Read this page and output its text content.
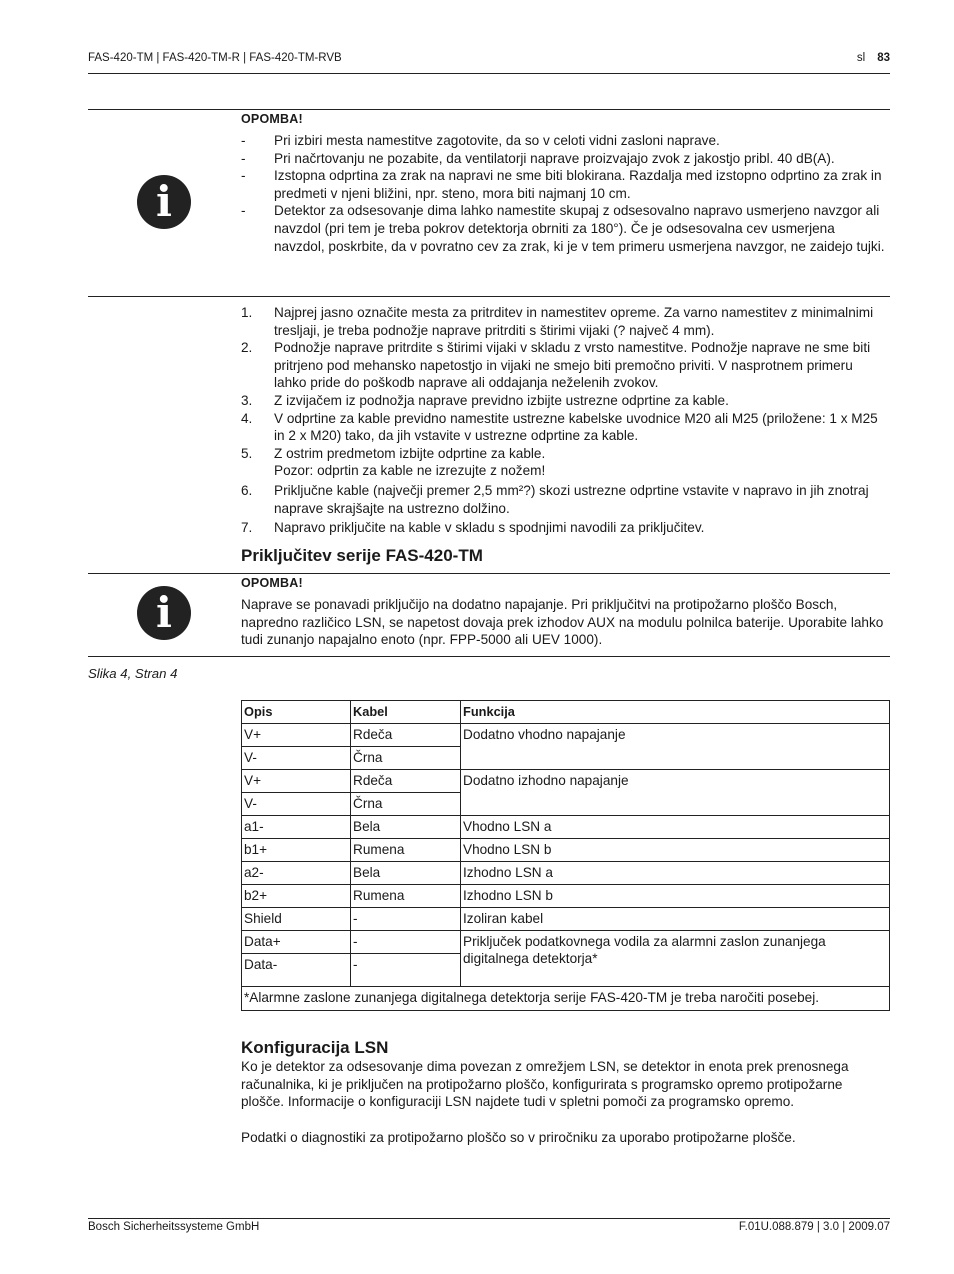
FAS-420-TM | FAS-420-TM-R | FAS-420-TM-RVB	sl 83
i
OPOMBA!
- Pri izbiri mesta namestitve zagotovite, da so v celoti vidni zasloni naprave.
- Pri načrtovanju ne pozabite, da ventilatorji naprave proizvajajo zvok z jakostjo pribl. 40 dB(A).
- Izstopna odprtina za zrak na napravi ne sme biti blokirana. Razdalja med izstopno odprtino za zrak in predmeti v njeni bližini, npr. steno, mora biti najmanj 10 cm.
- Detektor za odsesovanje dima lahko namestite skupaj z odsesovalno napravo usmerjeno navzgor ali navzdol (pri tem je treba pokrov detektorja obrniti za 180°). Če je odsesovalna cev usmerjena navzdol, poskrbite, da v povratno cev za zrak, ki je v tem primeru usmerjena navzgor, ne zaidejo tujki.
1. Najprej jasno označite mesta za pritrditev in namestitev opreme. Za varno namestitev z minimalnimi tresljaji, je treba podnožje naprave pritrditi s štirimi vijaki (? največ 4 mm).
2. Podnožje naprave pritrdite s štirimi vijaki v skladu z vrsto namestitve. Podnožje naprave ne sme biti pritrjeno pod mehansko napetostjo in vijaki ne smejo biti premočno priviti. V nasprotnem primeru lahko pride do poškodb naprave ali oddajanja neželenih zvokov.
3. Z izvijačem iz podnožja naprave previdno izbijte ustrezne odprtine za kable.
4. V odprtine za kable previdno namestite ustrezne kabelske uvodnice M20 ali M25 (priložene: 1 x M25 in 2 x M20) tako, da jih vstavite v ustrezne odprtine za kable.
5. Z ostrim predmetom izbijte odprtine za kable.
Pozor: odprtin za kable ne izrezujte z nožem!
6. Priključne kable (največji premer 2,5 mm²?) skozi ustrezne odprtine vstavite v napravo in jih znotraj naprave skrajšajte na ustrezno dolžino.
7. Napravo priključite na kable v skladu s spodnjimi navodili za priključitev.
Priključitev serije FAS-420-TM
i
OPOMBA!
Naprave se ponavadi priključijo na dodatno napajanje. Pri priključitvi na protipožarno ploščo Bosch, napredno različico LSN, se napetost dovaja prek izhodov AUX na modulu polnilca baterije. Uporabite lahko tudi zunanjo napajalno enoto (npr. FPP-5000 ali UEV 1000).
Slika 4, Stran 4
Opis	Kabel	Funkcija
V+	Rdeča	Dodatno vhodno napajanje
V-	Črna	
V+	Rdeča	Dodatno izhodno napajanje
V-	Črna	
a1-	Bela	Vhodno LSN a
b1+	Rumena	Vhodno LSN b
a2-	Bela	Izhodno LSN a
b2+	Rumena	Izhodno LSN b
Shield	-	Izoliran kabel
Data+	-	Priključek podatkovnega vodila za alarmni zaslon zunanjega digitalnega detektorja*
Data-	-	
*Alarmne zaslone zunanjega digitalnega detektorja serije FAS-420-TM je treba naročiti posebej.		
Konfiguracija LSN
Ko je detektor za odsesovanje dima povezan z omrežjem LSN, se detektor in enota prek prenosnega računalnika, ki je priključen na protipožarno ploščo, konfigurirata s programsko opremo protipožarne plošče. Informacije o konfiguraciji LSN najdete tudi v spletni pomoči za programsko opremo.
Podatki o diagnostiki za protipožarno ploščo so v priročniku za uporabo protipožarne plošče.
Bosch Sicherheitssysteme GmbH	F.01U.088.879 | 3.0 | 2009.07
